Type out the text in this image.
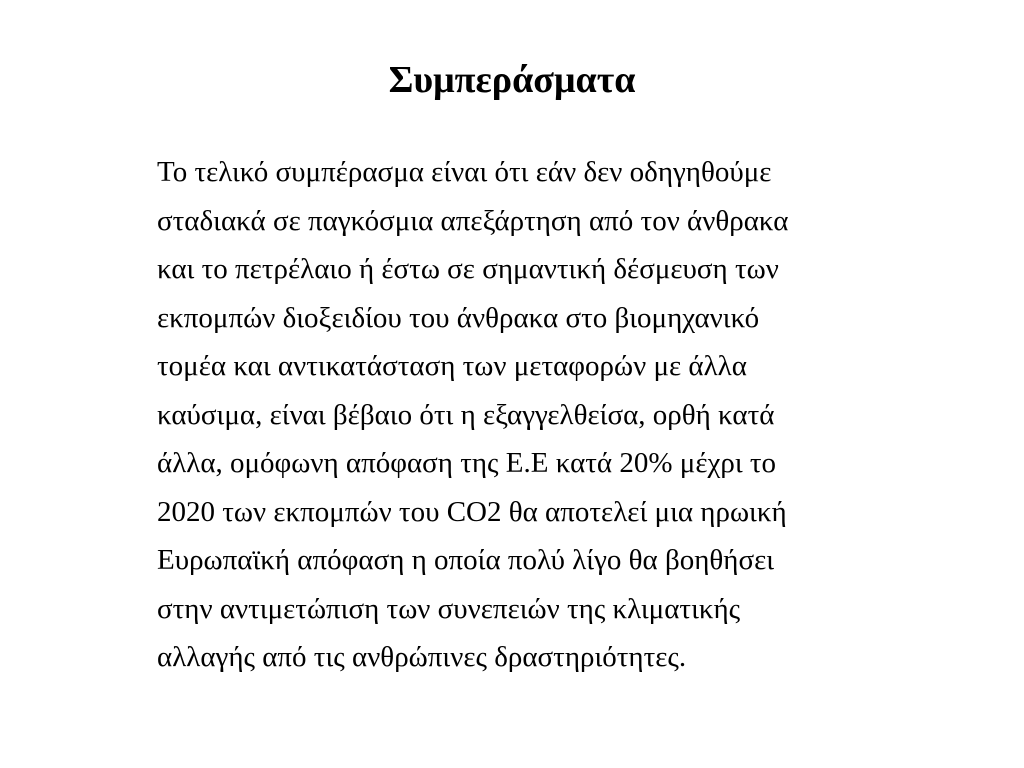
Συμπεράσματα
Το τελικό συμπέρασμα είναι ότι εάν δεν οδηγηθούμε
σταδιακά σε παγκόσμια απεξάρτηση από τον άνθρακα
και το πετρέλαιο ή έστω σε σημαντική δέσμευση των
εκπομπών διοξειδίου του άνθρακα στο βιομηχανικό
τομέα και αντικατάσταση των μεταφορών με άλλα
καύσιμα, είναι βέβαιο ότι η εξαγγελθείσα, ορθή κατά
άλλα, ομόφωνη απόφαση της Ε.Ε κατά 20% μέχρι το
2020 των εκπομπών του CO2 θα αποτελεί μια ηρωική
Ευρωπαϊκή απόφαση η οποία πολύ λίγο θα βοηθήσει
στην αντιμετώπιση των συνεπειών της κλιματικής
αλλαγής από τις ανθρώπινες δραστηριότητες.
